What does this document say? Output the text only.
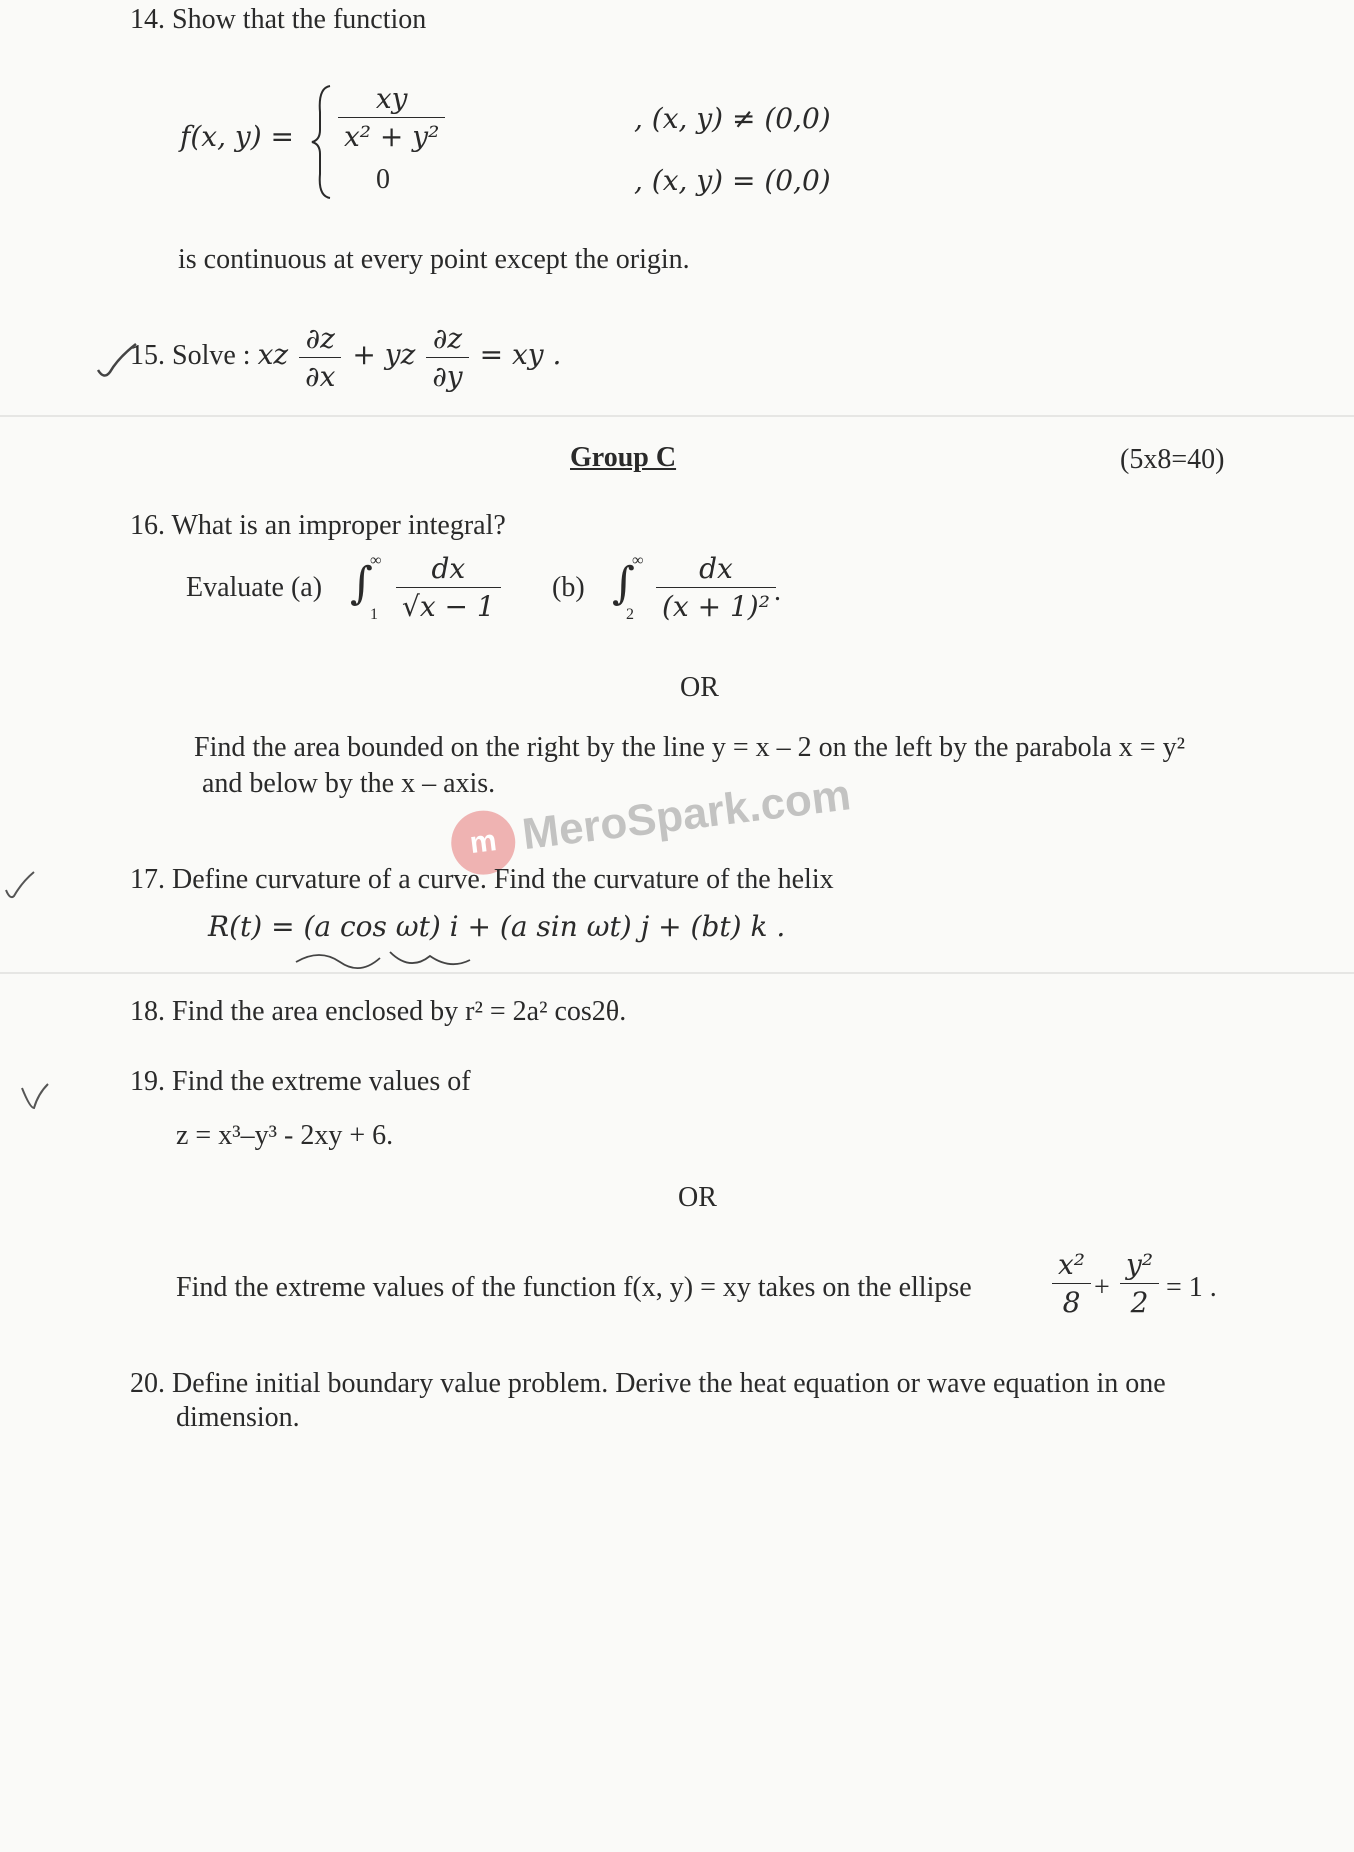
14. Show that the function
f(x, $y) = \frac{xy}{\text{x² + y²}}$	, (x, y) ≠ (0,0)
0	, (x, y) = (0,0)
is continuous at every point except the origin.
15. Solve : xz $\frac{\partial z}{\partial x}$ + yz $\frac{\partial z}{\partial y}$ = xy .
Group C	(5x8=40)
16. What is an improper integral?
Evaluate (a) ∫
∞
$1 \frac{dx}{√x - 1} (b)$ ∫
∞
$2 \frac{dx}{\text{(x + 1)²}}$
.
OR
Find the area bounded on the right by the line y = x – 2 on the left by the parabola x = y²
and below by the x – axis.
m MeroSpark.com
17. Define curvature of a curve. Find the curvature of the helix
R(t) = (a cos ωt) i + (a sin ωt) j + (bt) k .
18. Find the area enclosed by r² = 2a² cos2θ.
19. Find the extreme values of
z = x³–y³ - 2xy + 6.
OR
Find the extreme values of the function f(x, y) = xy takes on the ellipse	$\frac{\text{x²}}{8} + \frac{\text{y²}}{2} = 1$ .
20. Define initial boundary value problem. Derive the heat equation or wave equation in one
dimension.
